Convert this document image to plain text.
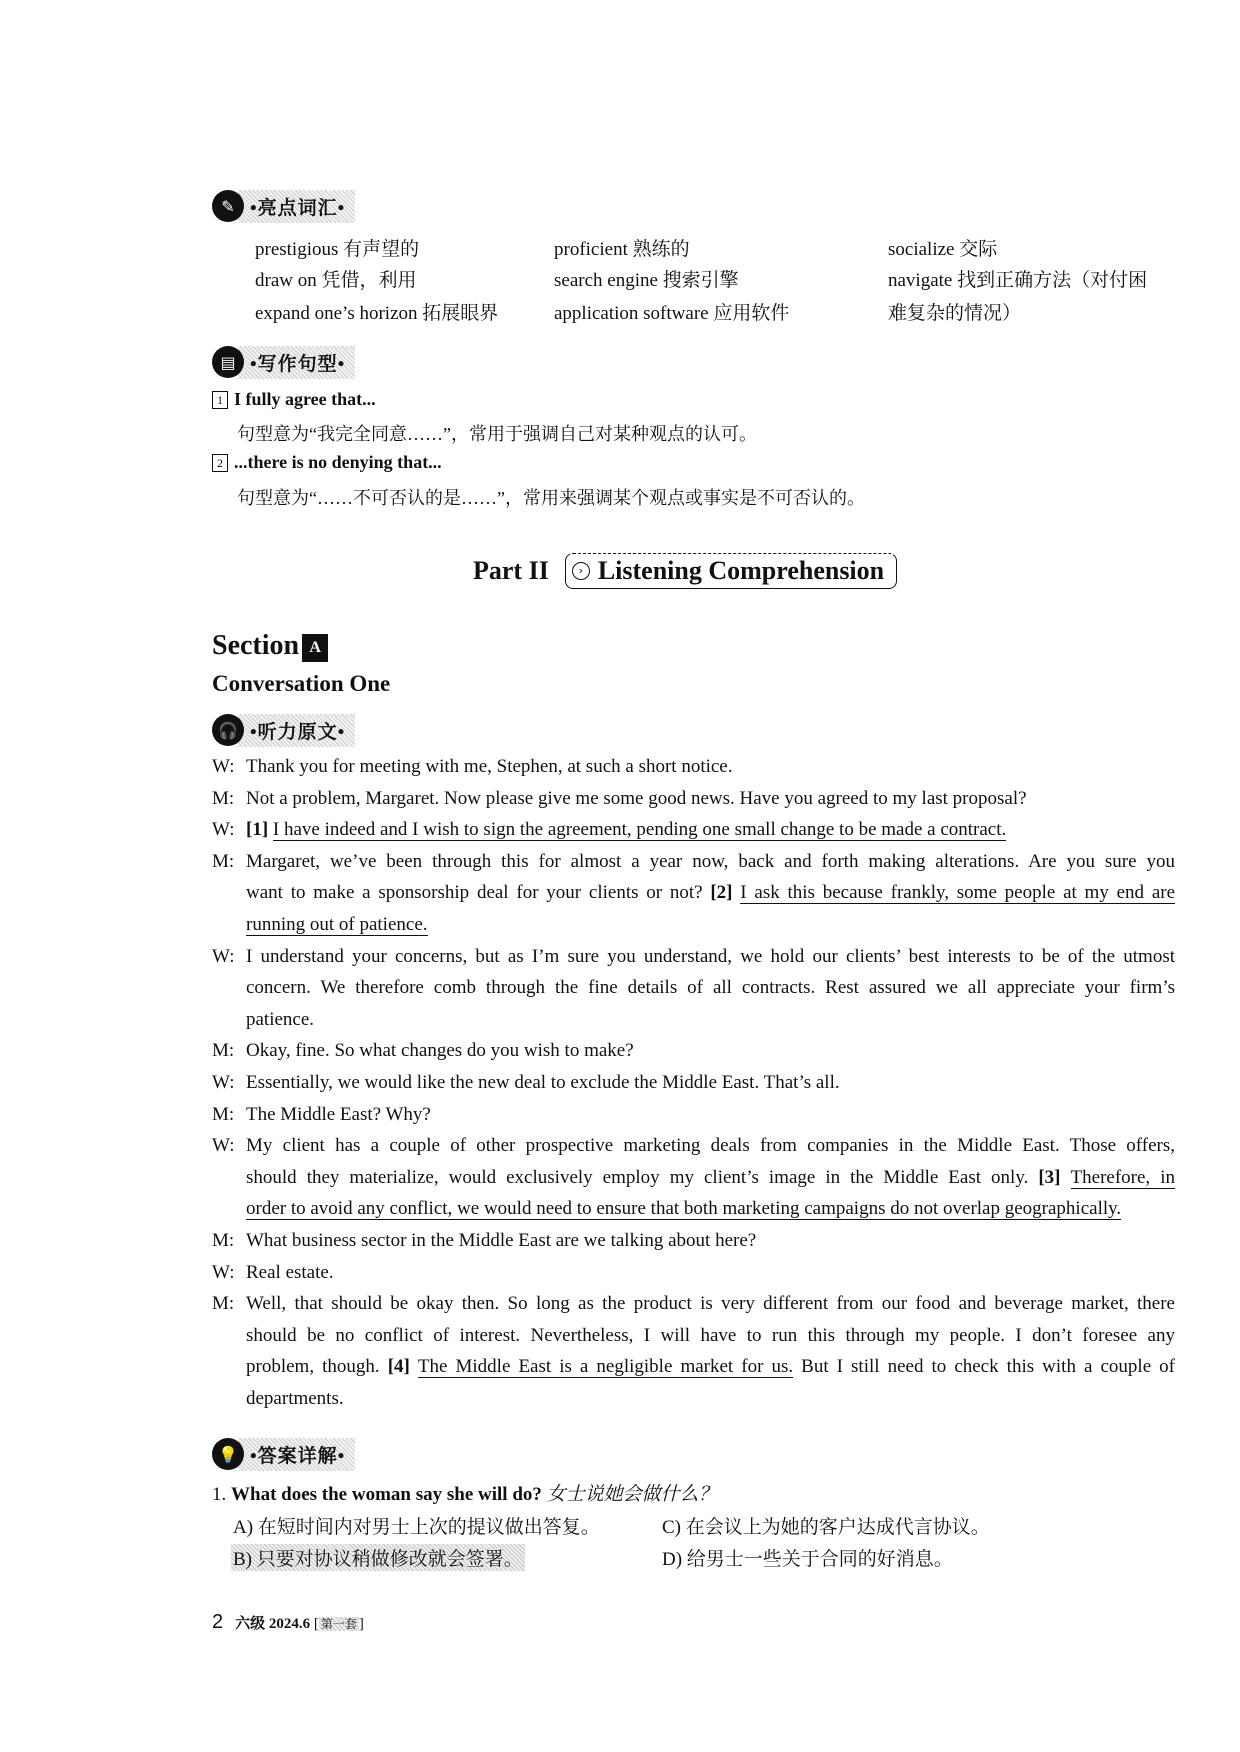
✎ •亮点词汇•
prestigious 有声望的	proficient 熟练的	socialize 交际
draw on 凭借，利用	search engine 搜索引擎	navigate 找到正确方法（对付困
expand one’s horizon 拓展眼界	application software 应用软件	难复杂的情况）
▤ •写作句型•
1 I fully agree that...
句型意为“我完全同意……”，常用于强调自己对某种观点的认可。
2 ...there is no denying that...
句型意为“……不可否认的是……”，常用来强调某个观点或事实是不可否认的。
Part II	› Listening Comprehension
Section A
Conversation One
🎧 •听力原文•
W: Thank you for meeting with me, Stephen, at such a short notice.
M: Not a problem, Margaret. Now please give me some good news. Have you agreed to my last proposal?
W: [1] I have indeed and I wish to sign the agreement, pending one small change to be made a contract.
M: Margaret, we’ve been through this for almost a year now, back and forth making alterations. Are you sure you
want to make a sponsorship deal for your clients or not? [2] I ask this because frankly, some people at my end are
running out of patience.
W: I understand your concerns, but as I’m sure you understand, we hold our clients’ best interests to be of the utmost
concern. We therefore comb through the fine details of all contracts. Rest assured we all appreciate your firm’s
patience.
M: Okay, fine. So what changes do you wish to make?
W: Essentially, we would like the new deal to exclude the Middle East. That’s all.
M: The Middle East? Why?
W: My client has a couple of other prospective marketing deals from companies in the Middle East. Those offers,
should they materialize, would exclusively employ my client’s image in the Middle East only. [3] Therefore, in
order to avoid any conflict, we would need to ensure that both marketing campaigns do not overlap geographically.
M: What business sector in the Middle East are we talking about here?
W: Real estate.
M: Well, that should be okay then. So long as the product is very different from our food and beverage market, there
should be no conflict of interest. Nevertheless, I will have to run this through my people. I don’t foresee any
problem, though. [4] The Middle East is a negligible market for us. But I still need to check this with a couple of
departments.
💡 •答案详解•
1. What does the woman say she will do? 女士说她会做什么？
A) 在短时间内对男士上次的提议做出答复。	C) 在会议上为她的客户达成代言协议。
B) 只要对协议稍做修改就会签署。	D) 给男士一些关于合同的好消息。
2 六级 2024.6 [ 第一套 ]
